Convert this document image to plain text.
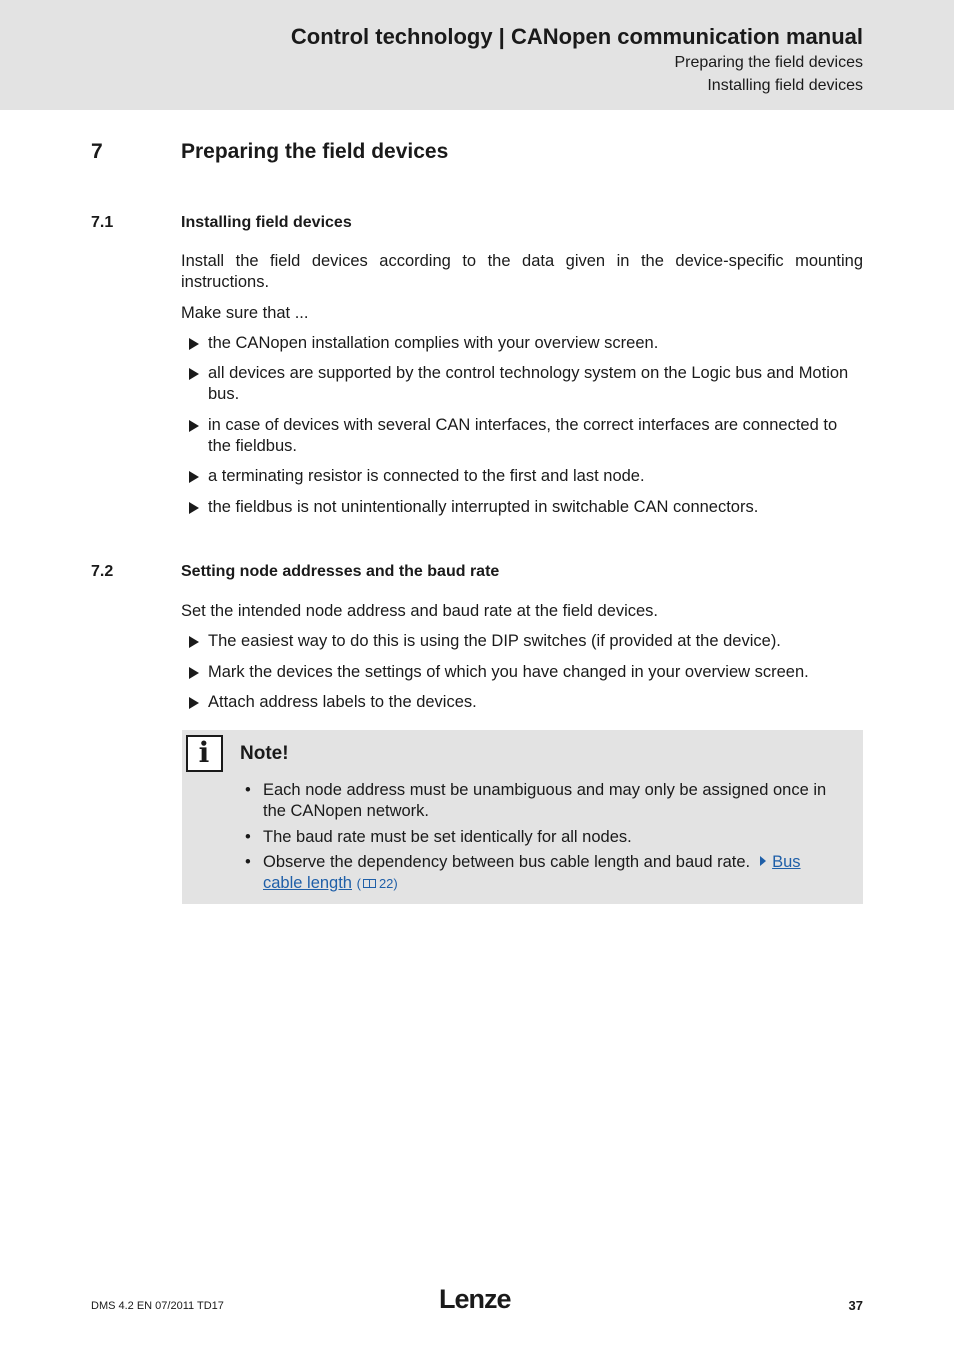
Control technology | CANopen communication manual
Preparing the field devices
Installing field devices
7	Preparing the field devices
7.1	Installing field devices
Install the field devices according to the data given in the device-specific mounting instructions.
Make sure that ...
the CANopen installation complies with your overview screen.
all devices are supported by the control technology system on the Logic bus and Motion bus.
in case of devices with several CAN interfaces, the correct interfaces are connected to the fieldbus.
a terminating resistor is connected to the first and last node.
the fieldbus is not unintentionally interrupted in switchable CAN connectors.
7.2	Setting node addresses and the baud rate
Set the intended node address and baud rate at the field devices.
The easiest way to do this is using the DIP switches (if provided at the device).
Mark the devices the settings of which you have changed in your overview screen.
Attach address labels to the devices.
i	Note!
• Each node address must be unambiguous and may only be assigned once in the CANopen network.
• The baud rate must be set identically for all nodes.
• Observe the dependency between bus cable length and baud rate. Bus
cable length ( 22)
DMS 4.2 EN 07/2011 TD17	Lenze	37
